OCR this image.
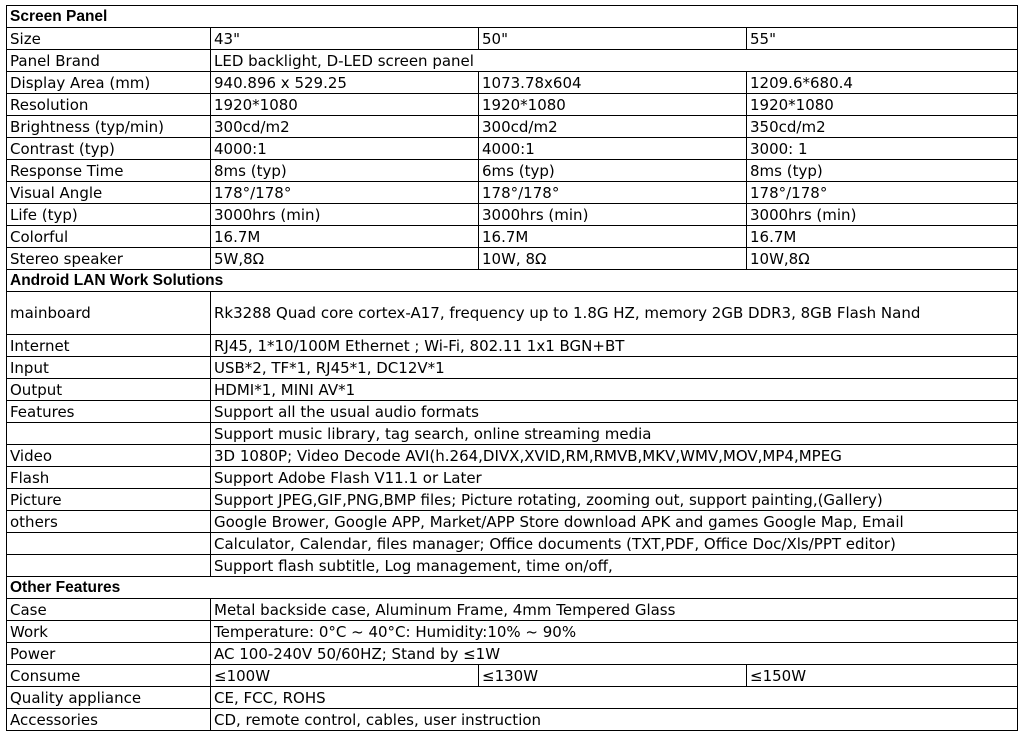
Screen Panel			
Size	43"	50"	55"
Panel Brand	LED backlight, D-LED screen panel		
Display Area (mm)	940.896 x 529.25	1073.78x604	1209.6*680.4
Resolution	1920*1080	1920*1080	1920*1080
Brightness (typ/min)	300cd/m2	300cd/m2	350cd/m2
Contrast (typ)	4000:1	4000:1	3000: 1
Response Time	8ms (typ)	6ms (typ)	8ms (typ)
Visual Angle	178°/178°	178°/178°	178°/178°
Life (typ)	3000hrs (min)	3000hrs (min)	3000hrs (min)
Colorful	16.7M	16.7M	16.7M
Stereo speaker	5W,8Ω	10W, 8Ω	10W,8Ω
Android LAN Work Solutions			
mainboard	Rk3288 Quad core cortex-A17, frequency up to 1.8G HZ, memory 2GB DDR3, 8GB Flash Nand		
Internet	RJ45, 1*10/100M Ethernet ; Wi-Fi, 802.11 1x1 BGN+BT		
Input	USB*2, TF*1, RJ45*1, DC12V*1		
Output	HDMI*1, MINI AV*1		
Features	Support all the usual audio formats		
	Support music library, tag search, online streaming media		
Video	3D 1080P; Video Decode AVI(h.264,DIVX,XVID,RM,RMVB,MKV,WMV,MOV,MP4,MPEG		
Flash	Support Adobe Flash V11.1 or Later		
Picture	Support JPEG,GIF,PNG,BMP files; Picture rotating, zooming out, support painting,(Gallery)		
others	Google Brower, Google APP, Market/APP Store download APK and games Google Map, Email		
	Calculator, Calendar, files manager; Office documents (TXT,PDF, Office Doc/Xls/PPT editor)		
	Support flash subtitle, Log management, time on/off,		
Other Features			
Case	Metal backside case, Aluminum Frame, 4mm Tempered Glass		
Work	Temperature: 0°C ~ 40°C: Humidity:10% ~ 90%		
Power	AC 100-240V 50/60HZ; Stand by ≤1W		
Consume	≤100W	≤130W	≤150W
Quality appliance	CE, FCC, ROHS		
Accessories	CD, remote control, cables, user instruction		
